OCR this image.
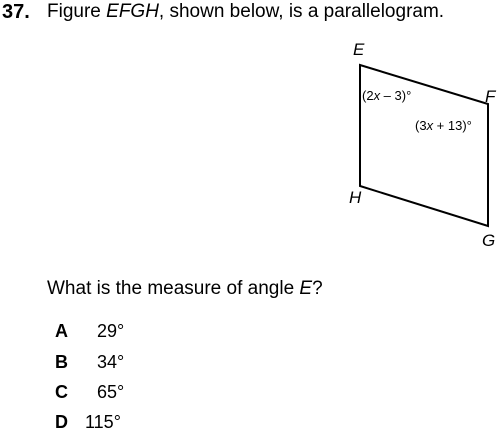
37. Figure EFGH, shown below, is a parallelogram.
E
F
G
H
(2x – 3)°
(3x + 13)°
What is the measure of angle E?
A 29°
B 34°
C 65°
D 115°
